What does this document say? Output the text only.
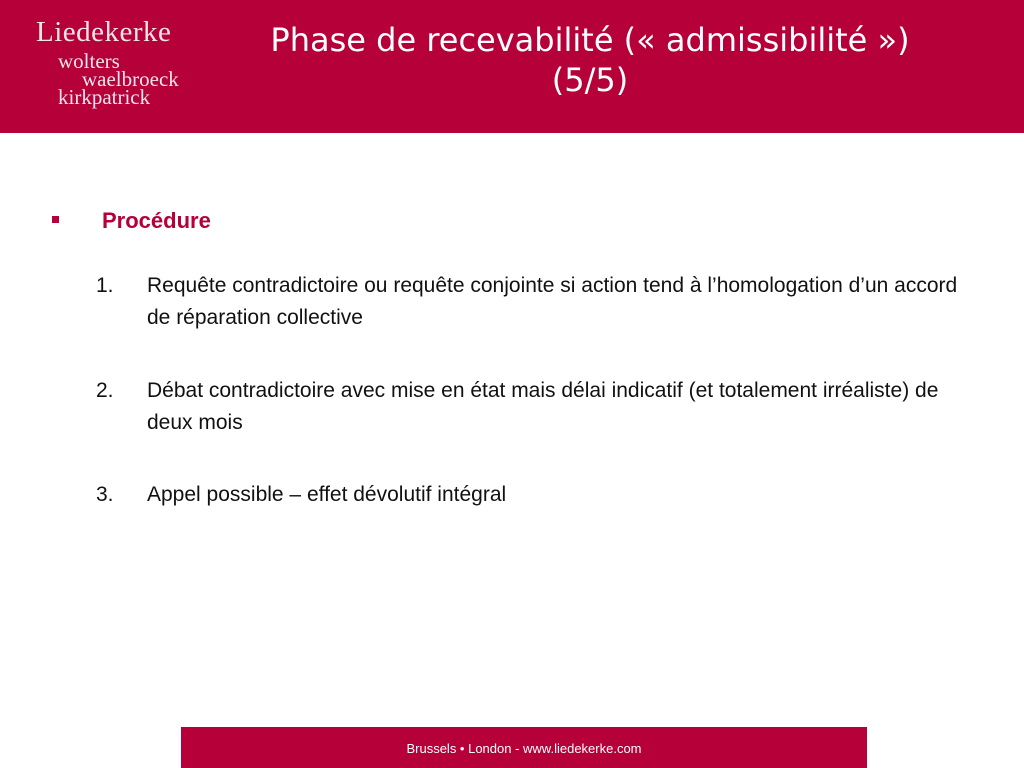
Liedekerke
wolters
waelbroeck
kirkpatrick
Phase de recevabilité (« admissibilité »)
(5/5)
Procédure
1.	Requête contradictoire ou requête conjointe si action tend à l’homologation d’un accord de réparation collective
2.	Débat contradictoire avec mise en état mais délai indicatif (et totalement irréaliste) de deux mois
3.	Appel possible – effet dévolutif intégral
Brussels • London - www.liedekerke.com
